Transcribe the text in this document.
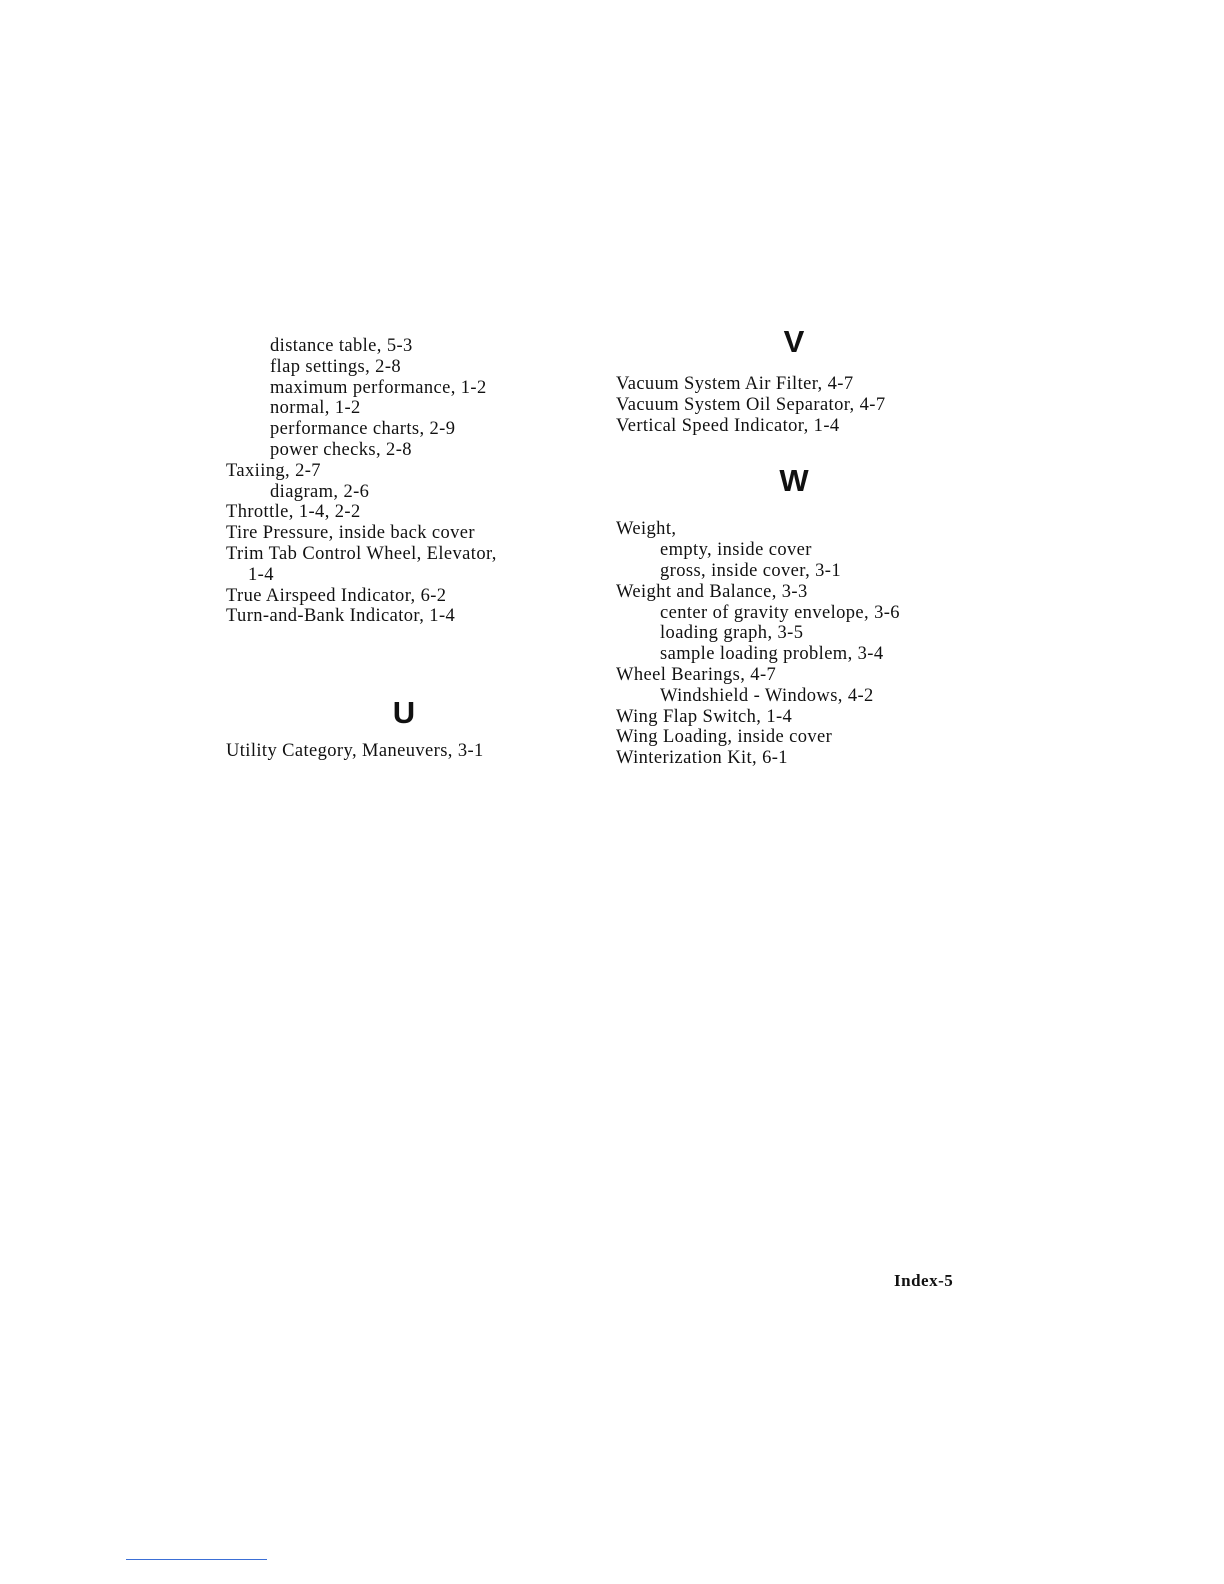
distance table, 5-3
flap settings, 2-8
maximum performance, 1-2
normal, 1-2
performance charts, 2-9
power checks, 2-8
Taxiing, 2-7
diagram, 2-6
Throttle, 1-4, 2-2
Tire Pressure, inside back cover
Trim Tab Control Wheel, Elevator,
1-4
True Airspeed Indicator, 6-2
Turn-and-Bank Indicator, 1-4
U
Utility Category, Maneuvers, 3-1
V
Vacuum System Air Filter, 4-7
Vacuum System Oil Separator, 4-7
Vertical Speed Indicator, 1-4
W
Weight,
empty, inside cover
gross, inside cover, 3-1
Weight and Balance, 3-3
center of gravity envelope, 3-6
loading graph, 3-5
sample loading problem, 3-4
Wheel Bearings, 4-7
Windshield - Windows, 4-2
Wing Flap Switch, 1-4
Wing Loading, inside cover
Winterization Kit, 6-1
Index-5
